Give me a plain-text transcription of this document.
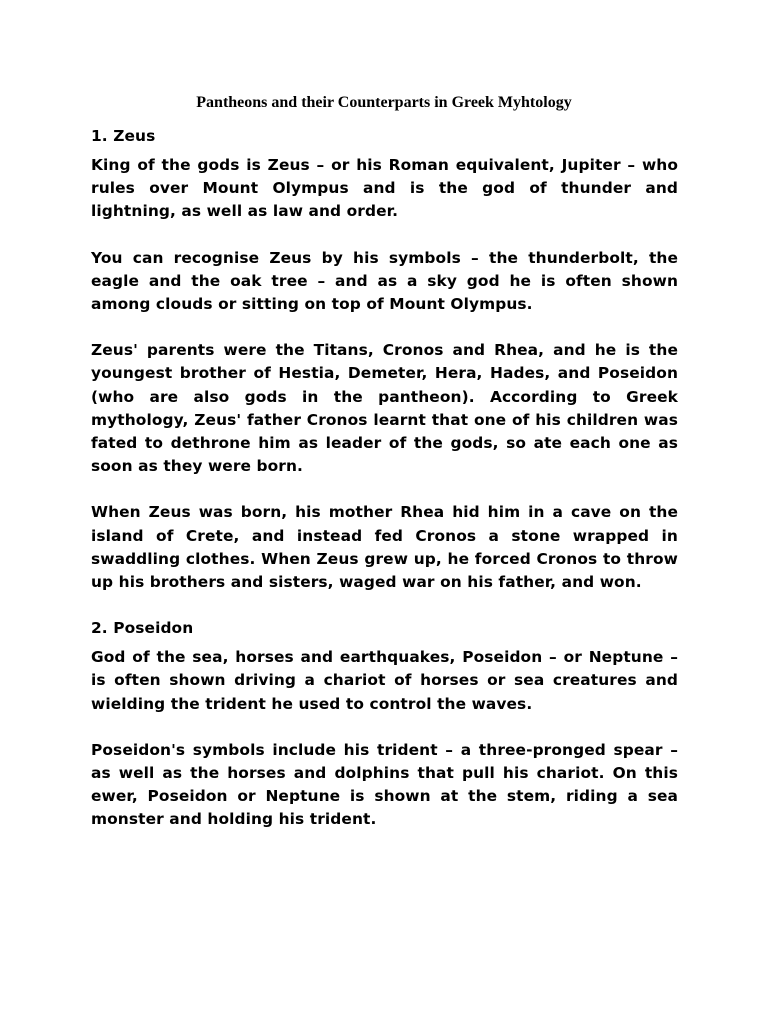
Pantheons and their Counterparts in Greek Myhtology
1. Zeus

King of the gods is Zeus – or his Roman equivalent, Jupiter – who rules over Mount Olympus and is the god of thunder and lightning, as well as law and order.

You can recognise Zeus by his symbols – the thunderbolt, the eagle and the oak tree – and as a sky god he is often shown among clouds or sitting on top of Mount Olympus.

Zeus' parents were the Titans, Cronos and Rhea, and he is the youngest brother of Hestia, Demeter, Hera, Hades, and Poseidon (who are also gods in the pantheon). According to Greek mythology, Zeus' father Cronos learnt that one of his children was fated to dethrone him as leader of the gods, so ate each one as soon as they were born.

When Zeus was born, his mother Rhea hid him in a cave on the island of Crete, and instead fed Cronos a stone wrapped in swaddling clothes. When Zeus grew up, he forced Cronos to throw up his brothers and sisters, waged war on his father, and won.

2. Poseidon

God of the sea, horses and earthquakes, Poseidon – or Neptune – is often shown driving a chariot of horses or sea creatures and wielding the trident he used to control the waves.

Poseidon's symbols include his trident – a three-pronged spear – as well as the horses and dolphins that pull his chariot. On this ewer, Poseidon or Neptune is shown at the stem, riding a sea monster and holding his trident.
